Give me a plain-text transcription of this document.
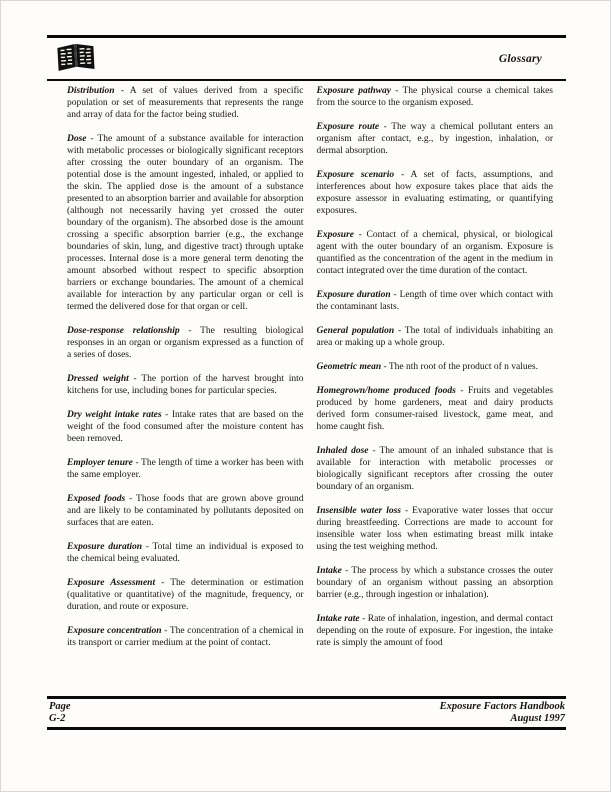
Glossary

Distribution - A set of values derived from a specific population or set of measurements that represents the range and array of data for the factor being studied.

Dose - The amount of a substance available for interaction with metabolic processes or biologically significant receptors after crossing the outer boundary of an organism. The potential dose is the amount ingested, inhaled, or applied to the skin. The applied dose is the amount of a substance presented to an absorption barrier and available for absorption (although not necessarily having yet crossed the outer boundary of the organism). The absorbed dose is the amount crossing a specific absorption barrier (e.g., the exchange boundaries of skin, lung, and digestive tract) through uptake processes. Internal dose is a more general term denoting the amount absorbed without respect to specific absorption barriers or exchange boundaries. The amount of a chemical available for interaction by any particular organ or cell is termed the delivered dose for that organ or cell.

Dose-response relationship - The resulting biological responses in an organ or organism expressed as a function of a series of doses.

Dressed weight - The portion of the harvest brought into kitchens for use, including bones for particular species.

Dry weight intake rates - Intake rates that are based on the weight of the food consumed after the moisture content has been removed.

Employer tenure - The length of time a worker has been with the same employer.

Exposed foods - Those foods that are grown above ground and are likely to be contaminated by pollutants deposited on surfaces that are eaten.

Exposure duration - Total time an individual is exposed to the chemical being evaluated.

Exposure Assessment - The determination or estimation (qualitative or quantitative) of the magnitude, frequency, or duration, and route or exposure.

Exposure concentration - The concentration of a chemical in its transport or carrier medium at the point of contact.

Exposure pathway - The physical course a chemical takes from the source to the organism exposed.

Exposure route - The way a chemical pollutant enters an organism after contact, e.g., by ingestion, inhalation, or dermal absorption.

Exposure scenario - A set of facts, assumptions, and interferences about how exposure takes place that aids the exposure assessor in evaluating estimating, or quantifying exposures.

Exposure - Contact of a chemical, physical, or biological agent with the outer boundary of an organism. Exposure is quantified as the concentration of the agent in the medium in contact integrated over the time duration of the contact.

Exposure duration - Length of time over which contact with the contaminant lasts.

General population - The total of individuals inhabiting an area or making up a whole group.

Geometric mean - The nth root of the product of n values.

Homegrown/home produced foods - Fruits and vegetables produced by home gardeners, meat and dairy products derived form consumer-raised livestock, game meat, and home caught fish.

Inhaled dose - The amount of an inhaled substance that is available for interaction with metabolic processes or biologically significant receptors after crossing the outer boundary of an organism.

Insensible water loss - Evaporative water losses that occur during breastfeeding. Corrections are made to account for insensible water loss when estimating breast milk intake using the test weighing method.

Intake - The process by which a substance crosses the outer boundary of an organism without passing an absorption barrier (e.g., through ingestion or inhalation).

Intake rate - Rate of inhalation, ingestion, and dermal contact depending on the route of exposure. For ingestion, the intake rate is simply the amount of food

Page
G-2
Exposure Factors Handbook
August 1997
